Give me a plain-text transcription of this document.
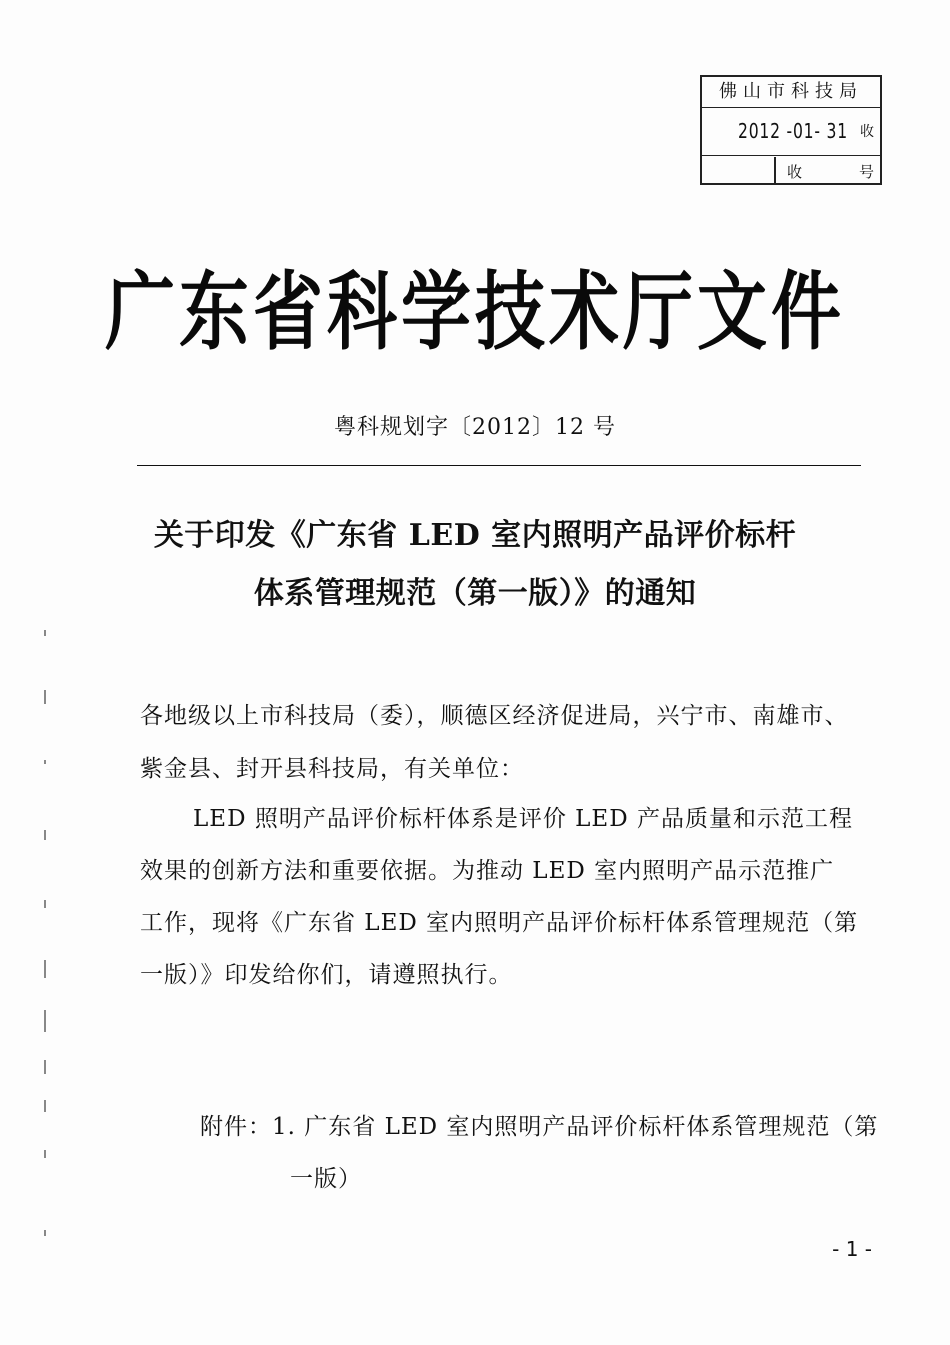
佛山市科技局
2012 -01- 31 收
收	号
广东省科学技术厅文件
粤科规划字〔2012〕12 号
关于印发《广东省 LED 室内照明产品评价标杆
体系管理规范（第一版）》的通知
各地级以上市科技局（委），顺德区经济促进局，兴宁市、南雄市、
紫金县、封开县科技局，有关单位：
LED 照明产品评价标杆体系是评价 LED 产品质量和示范工程
效果的创新方法和重要依据。为推动 LED 室内照明产品示范推广
工作，现将《广东省 LED 室内照明产品评价标杆体系管理规范（第
一版）》印发给你们，请遵照执行。
附件：1. 广东省 LED 室内照明产品评价标杆体系管理规范（第
一版）
- 1 -
